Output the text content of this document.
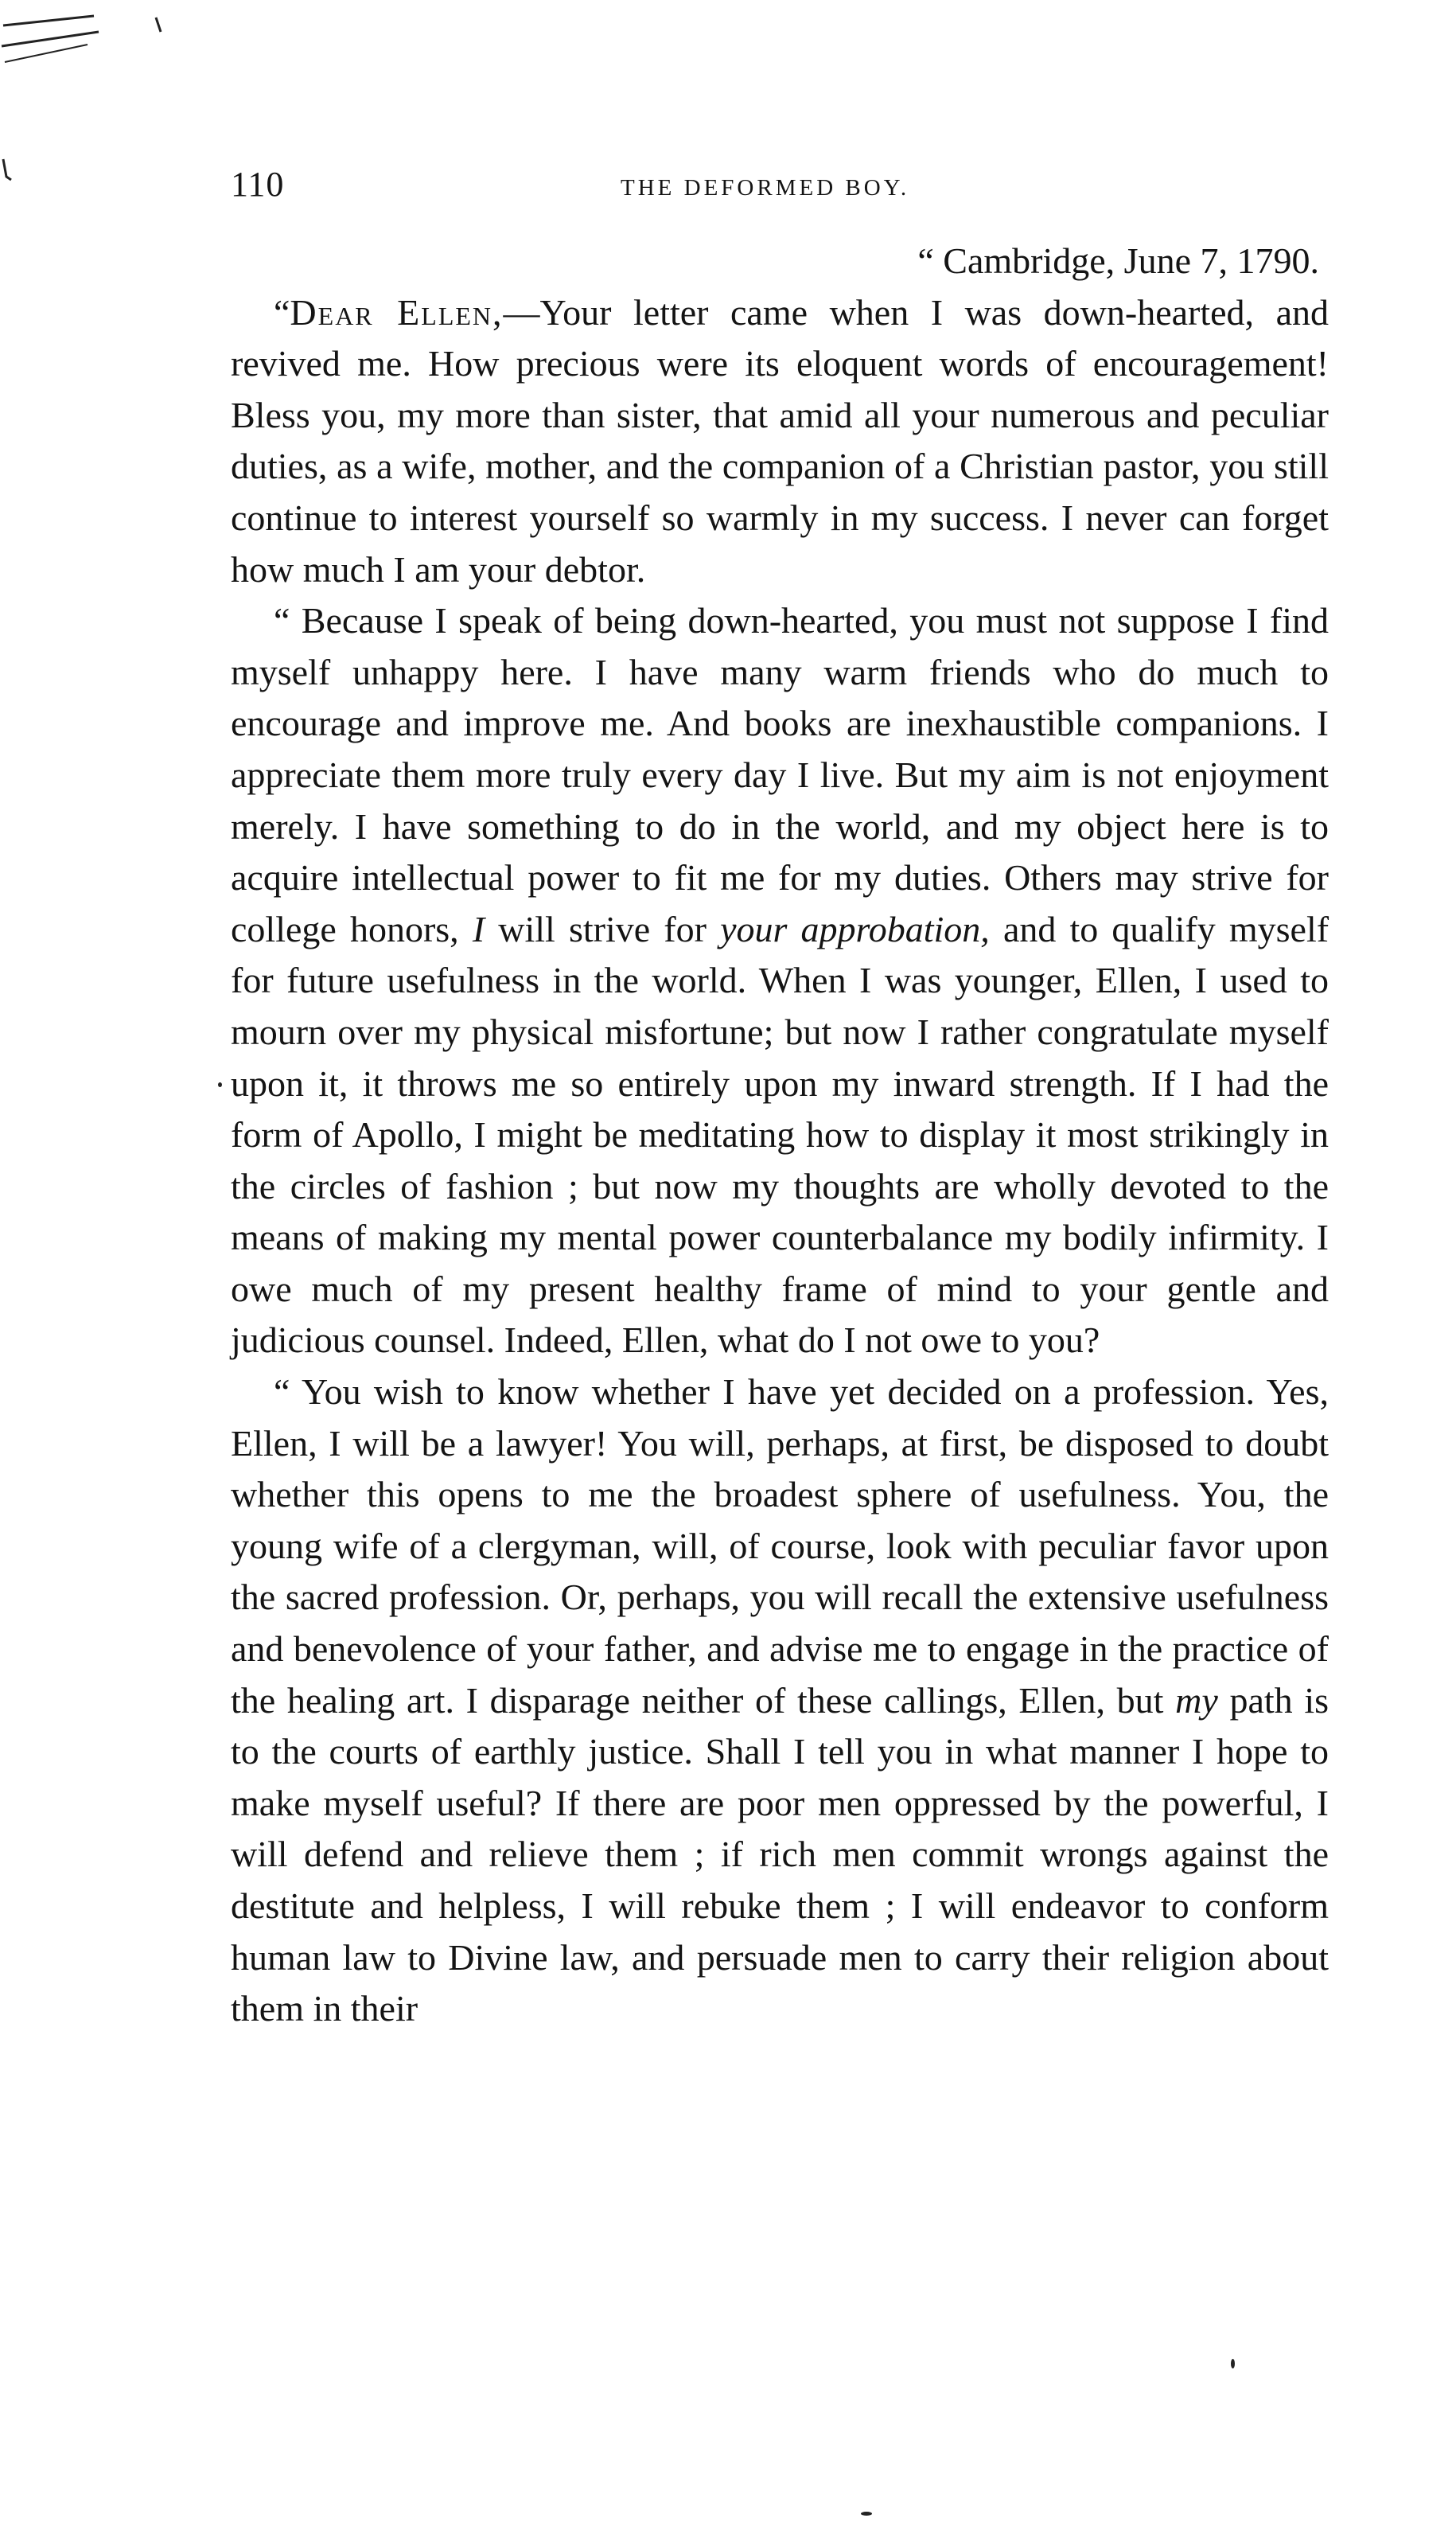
110	THE DEFORMED BOY.

“ Cambridge, June 7, 1790.

“Dear Ellen,—Your letter came when I was down-hearted, and revived me. How precious were its eloquent words of encouragement! Bless you, my more than sister, that amid all your numerous and peculiar duties, as a wife, mother, and the companion of a Christian pastor, you still continue to interest yourself so warmly in my success. I never can forget how much I am your debtor.

“ Because I speak of being down-hearted, you must not suppose I find myself unhappy here. I have many warm friends who do much to encourage and improve me. And books are inexhaustible companions. I appreciate them more truly every day I live. But my aim is not enjoyment merely. I have something to do in the world, and my object here is to acquire intellectual power to fit me for my duties. Others may strive for college honors, I will strive for your approbation, and to qualify myself for future usefulness in the world. When I was younger, Ellen, I used to mourn over my physical misfortune; but now I rather congratulate myself upon it, it throws me so entirely upon my inward strength. If I had the form of Apollo, I might be meditating how to display it most strikingly in the circles of fashion ; but now my thoughts are wholly devoted to the means of making my mental power counterbalance my bodily infirmity. I owe much of my present healthy frame of mind to your gentle and judicious counsel. Indeed, Ellen, what do I not owe to you?

“ You wish to know whether I have yet decided on a profession. Yes, Ellen, I will be a lawyer! You will, perhaps, at first, be disposed to doubt whether this opens to me the broadest sphere of usefulness. You, the young wife of a clergyman, will, of course, look with peculiar favor upon the sacred profession. Or, perhaps, you will recall the extensive usefulness and benevolence of your father, and advise me to engage in the practice of the healing art. I disparage neither of these callings, Ellen, but my path is to the courts of earthly justice. Shall I tell you in what manner I hope to make myself useful? If there are poor men oppressed by the powerful, I will defend and relieve them ; if rich men commit wrongs against the destitute and helpless, I will rebuke them ; I will endeavor to conform human law to Divine law, and persuade men to carry their religion about them in their
